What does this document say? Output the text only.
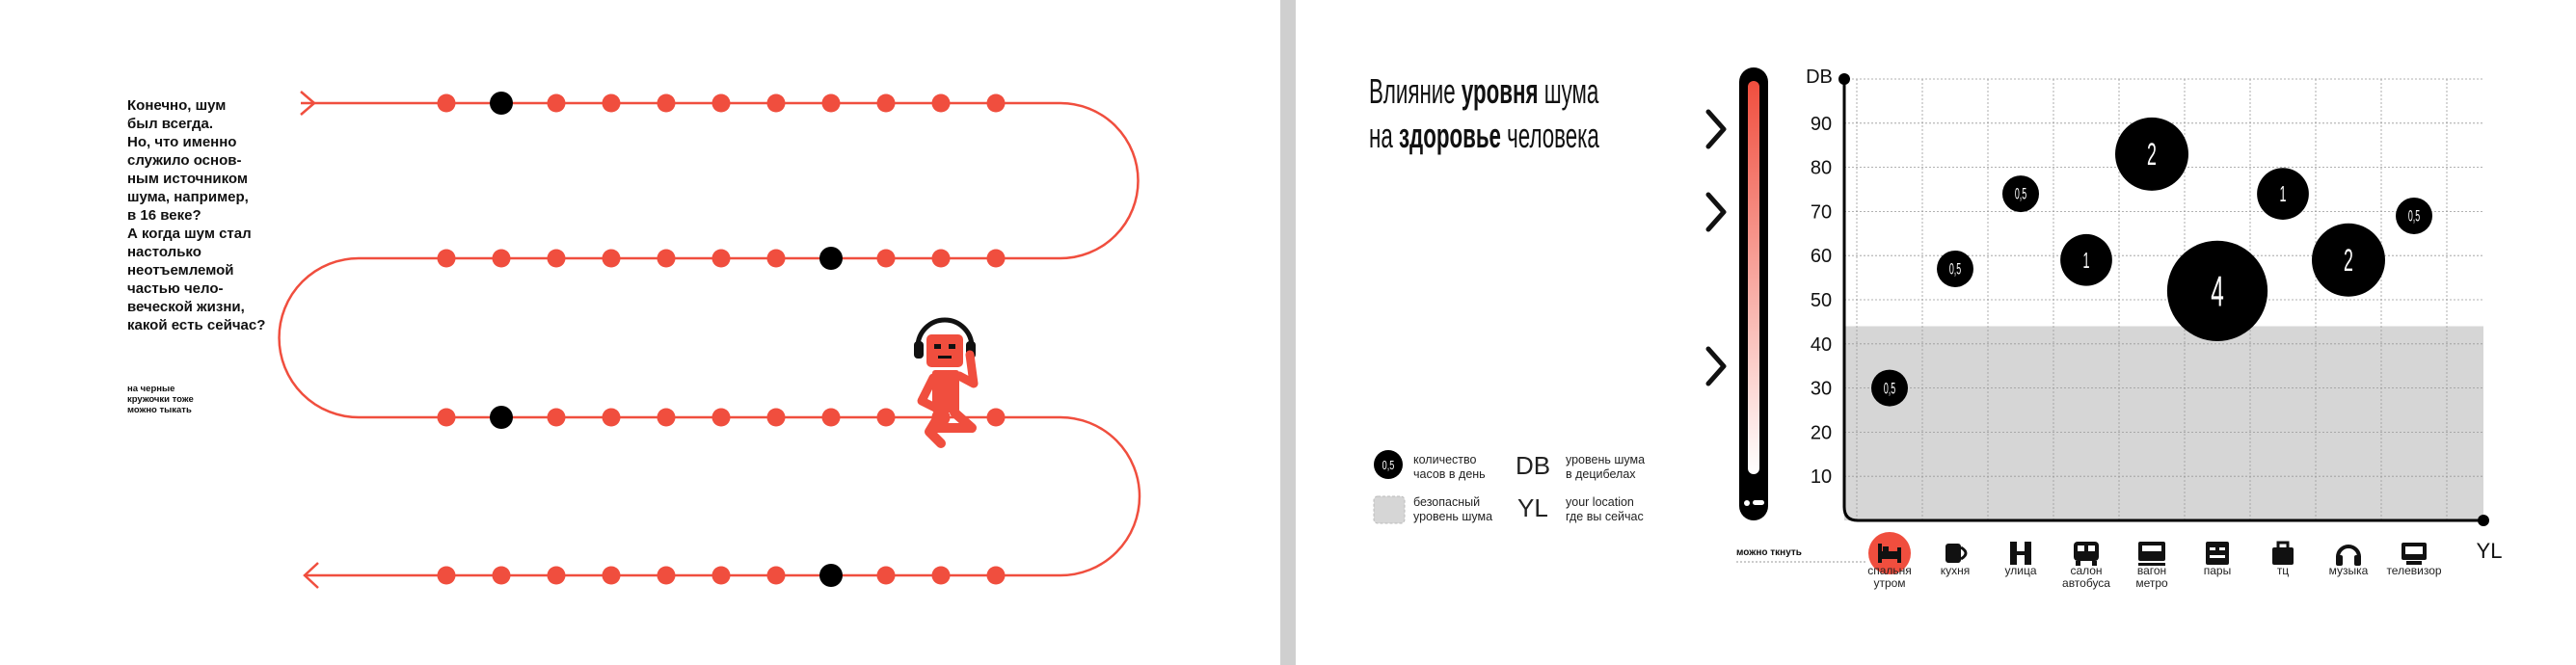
Конечно, шум
был всегда.
Но, что именно
служило основ-
ным источником
шума, например,
в 16 веке?
А когда шум стал
настолько
неотъемлемой
частью чело-
веческой жизни,
какой есть сейчас?
на черные
кружочки тоже
можно тыкать
Влияние уровня шума
на здоровье человека
DB
YL
10
20
30
40
50
60
70
80
90
0,5
0,5
0,5
1
2
4
1
2
0,5
0,5
можно ткнуть
количество
часов в день DB уровень шума
в децибелах
безопасный
уровень шума YL your location
где вы сейчас
спальня
утром
кухня	улица	салон
автобуса
вагон
метро
пары	тц	музыка	телевизор
